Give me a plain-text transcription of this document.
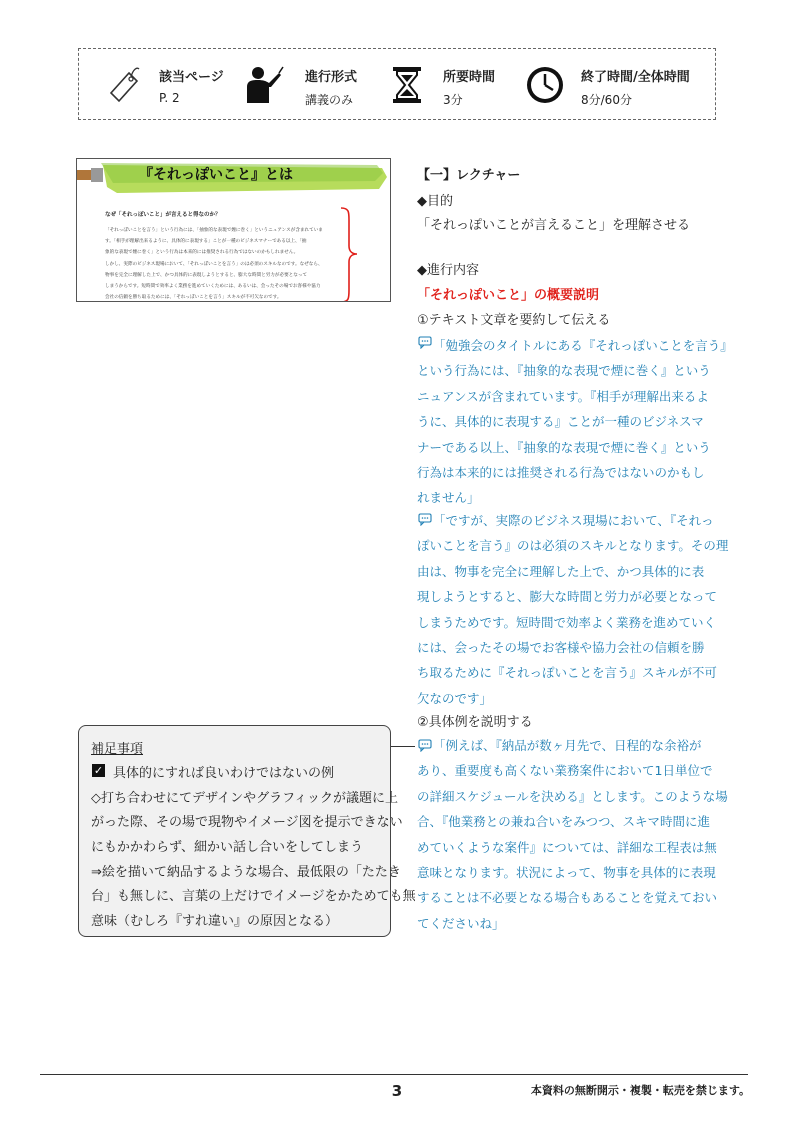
該当ページ
P. 2
進行形式
講義のみ
所要時間
3分
終了時間/全体時間
8分/60分
『それっぽいこと』とは
なぜ「それっぽいこと」が言えると得なのか？
「それっぽいことを言う」という行為には、「抽象的な表現で煙に巻く」というニュアンスが含まれていま
す。「相手が理解出来るように、具体的に表現する」ことが一種のビジネスマナーである以上、「抽
象的な表現で煙に巻く」という行為は本来的には推奨される行為ではないのかもしれません。
しかし、実際のビジネス現場において、「それっぽいことを言う」のは必須のスキルなのです。なぜなら、
物事を完全に理解した上で、かつ具体的に表現しようとすると、膨大な時間と労力が必要となって
しまうからです。短時間で効率よく業務を進めていくためには、あるいは、会ったその場でお客様や協力
会社の信頼を勝ち取るためには、「それっぽいことを言う」スキルが不可欠なのです。
【一】レクチャー
◆目的
「それっぽいことが言えること」を理解させる
◆進行内容
「それっぽいこと」の概要説明
①テキスト文章を要約して伝える
「勉強会のタイトルにある『それっぽいことを言う』
という行為には、『抽象的な表現で煙に巻く』という
ニュアンスが含まれています。『相手が理解出来るよ
うに、具体的に表現する』ことが一種のビジネスマ
ナーである以上、『抽象的な表現で煙に巻く』という
行為は本来的には推奨される行為ではないのかもし
れません」
「ですが、実際のビジネス現場において、『それっ
ぽいことを言う』のは必須のスキルとなります。その理
由は、物事を完全に理解した上で、かつ具体的に表
現しようとすると、膨大な時間と労力が必要となって
しまうためです。短時間で効率よく業務を進めていく
には、会ったその場でお客様や協力会社の信頼を勝
ち取るために『それっぽいことを言う』スキルが不可
欠なのです」
②具体例を説明する
「例えば、『納品が数ヶ月先で、日程的な余裕が
あり、重要度も高くない業務案件において1日単位で
の詳細スケジュールを決める』とします。このような場
合、『他業務との兼ね合いをみつつ、スキマ時間に進
めていくような案件』については、詳細な工程表は無
意味となります。状況によって、物事を具体的に表現
することは不必要となる場合もあることを覚えておい
てくださいね」
補足事項
✓ 具体的にすれば良いわけではないの例
◇打ち合わせにてデザインやグラフィックが議題に上
がった際、その場で現物やイメージ図を提示できない
にもかかわらず、細かい話し合いをしてしまう
⇒絵を描いて納品するような場合、最低限の「たたき
台」も無しに、言葉の上だけでイメージをかためても無
意味（むしろ『すれ違い』の原因となる）
3	本資料の無断開示・複製・転売を禁じます。
